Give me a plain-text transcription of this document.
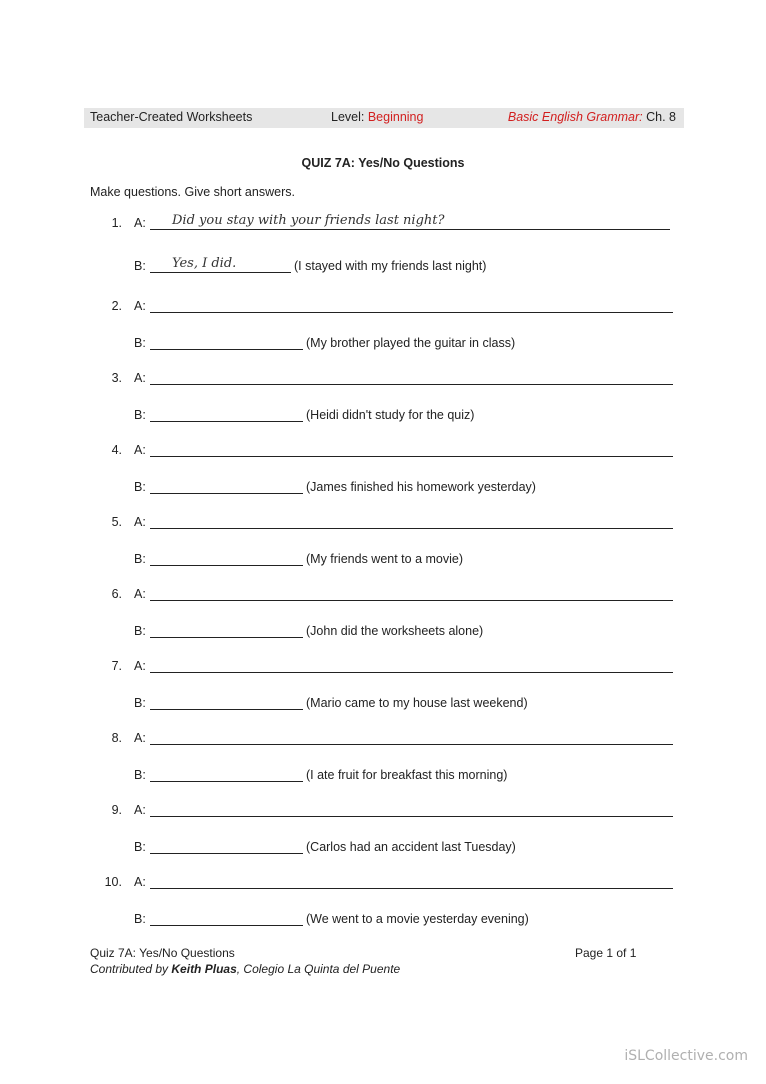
Teacher-Created Worksheets	Level: Beginning	Basic English Grammar: Ch. 8
QUIZ 7A: Yes/No Questions
Make questions. Give short answers.
1. A: Did you stay with your friends last night?
B: Yes, I did.	(I stayed with my friends last night)
2. A:
B:	(My brother played the guitar in class)
3. A:
B:	(Heidi didn't study for the quiz)
4. A:
B:	(James finished his homework yesterday)
5. A:
B:	(My friends went to a movie)
6. A:
B:	(John did the worksheets alone)
7. A:
B:	(Mario came to my house last weekend)
8. A:
B:	(I ate fruit for breakfast this morning)
9. A:
B:	(Carlos had an accident last Tuesday)
10. A:
B:	(We went to a movie yesterday evening)
Quiz 7A: Yes/No Questions
Contributed by Keith Pluas, Colegio La Quinta del Puente
Page 1 of 1
iSLCollective.com
